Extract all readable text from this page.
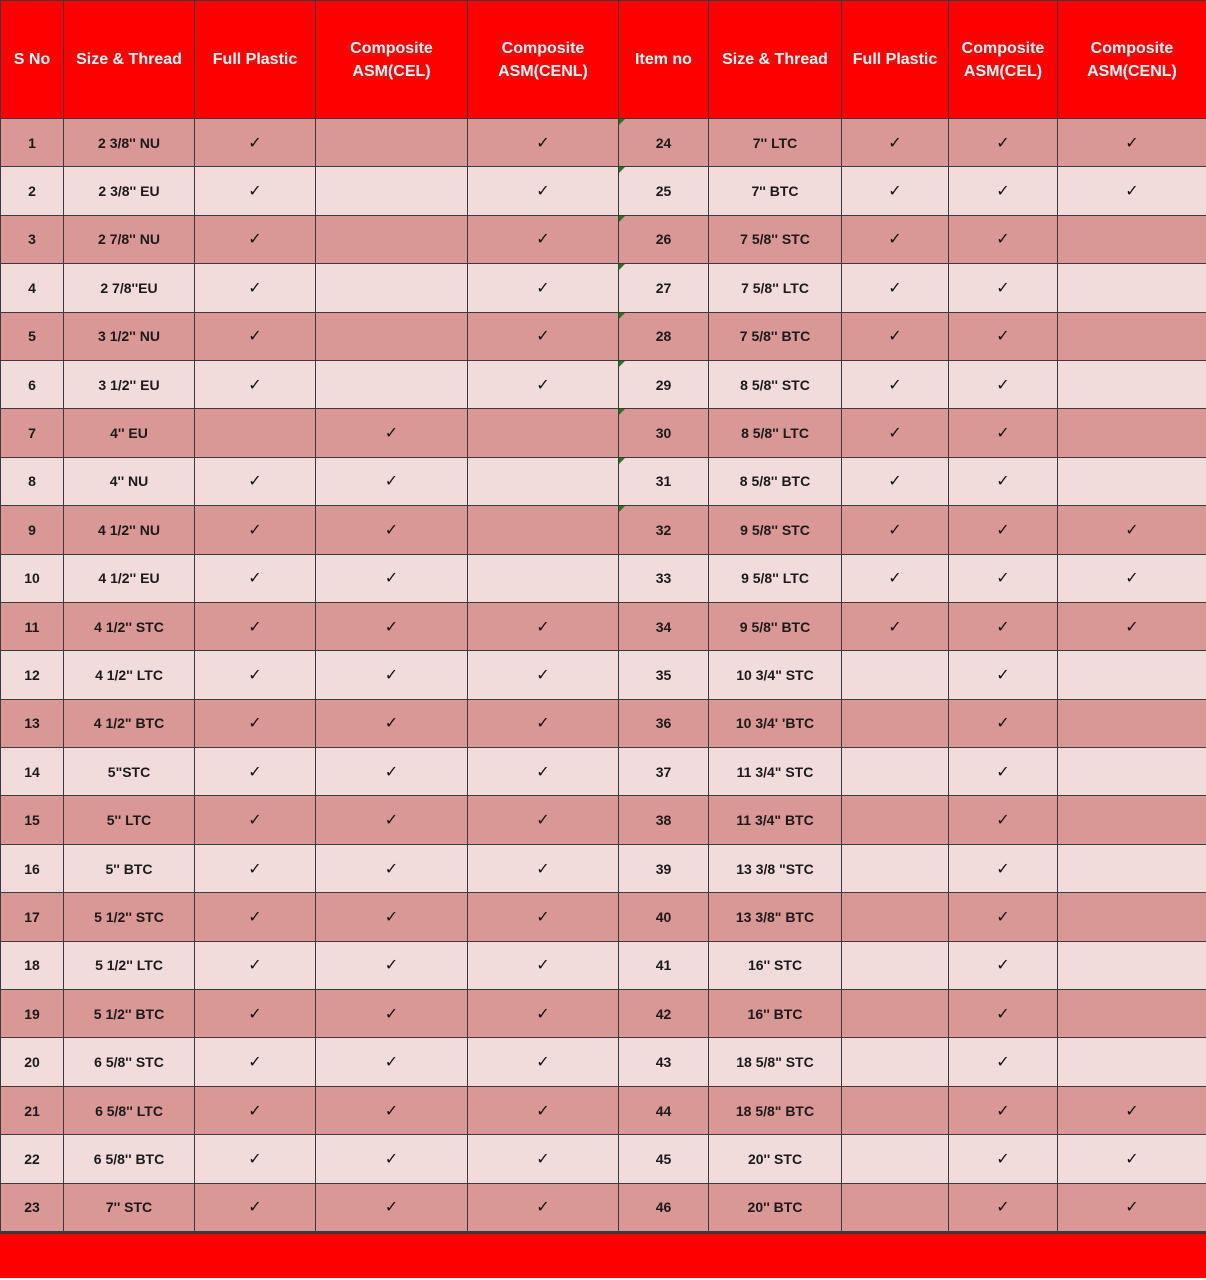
S No	Size & Thread	Full Plastic	Composite ASM(CEL)	Composite ASM(CENL)	Item no	Size & Thread	Full Plastic	Composite ASM(CEL)	Composite ASM(CENL)
1	2 3/8'' NU	✓		✓	24	7'' LTC	✓	✓	✓
2	2 3/8'' EU	✓		✓	25	7'' BTC	✓	✓	✓
3	2 7/8'' NU	✓		✓	26	7 5/8'' STC	✓	✓	
4	2 7/8''EU	✓		✓	27	7 5/8'' LTC	✓	✓	
5	3 1/2'' NU	✓		✓	28	7 5/8'' BTC	✓	✓	
6	3 1/2'' EU	✓		✓	29	8 5/8'' STC	✓	✓	
7	4'' EU		✓		30	8 5/8'' LTC	✓	✓	
8	4'' NU	✓	✓		31	8 5/8'' BTC	✓	✓	
9	4 1/2'' NU	✓	✓		32	9 5/8'' STC	✓	✓	✓
10	4 1/2'' EU	✓	✓		33	9 5/8'' LTC	✓	✓	✓
11	4 1/2'' STC	✓	✓	✓	34	9 5/8'' BTC	✓	✓	✓
12	4 1/2'' LTC	✓	✓	✓	35	10 3/4" STC		✓	
13	4 1/2" BTC	✓	✓	✓	36	10 3/4' 'BTC		✓	
14	5"STC	✓	✓	✓	37	11 3/4" STC		✓	
15	5'' LTC	✓	✓	✓	38	11 3/4" BTC		✓	
16	5'' BTC	✓	✓	✓	39	13 3/8 "STC		✓	
17	5 1/2'' STC	✓	✓	✓	40	13 3/8" BTC		✓	
18	5 1/2'' LTC	✓	✓	✓	41	16'' STC		✓	
19	5 1/2'' BTC	✓	✓	✓	42	16'' BTC		✓	
20	6 5/8'' STC	✓	✓	✓	43	18 5/8" STC		✓	
21	6 5/8'' LTC	✓	✓	✓	44	18 5/8" BTC		✓	✓
22	6 5/8'' BTC	✓	✓	✓	45	20'' STC		✓	✓
23	7'' STC	✓	✓	✓	46	20'' BTC		✓	✓
